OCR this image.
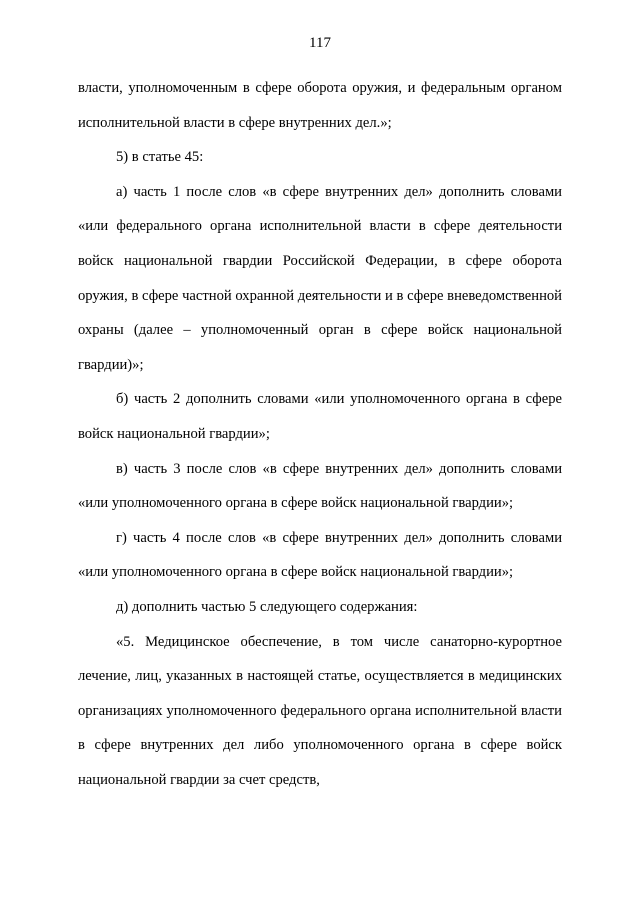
117

власти, уполномоченным в сфере оборота оружия, и федеральным органом исполнительной власти в сфере внутренних дел.»;

5) в статье 45:

а) часть 1 после слов «в сфере внутренних дел» дополнить словами «или федерального органа исполнительной власти в сфере деятельности войск национальной гвардии Российской Федерации, в сфере оборота оружия, в сфере частной охранной деятельности и в сфере вневедомственной охраны (далее – уполномоченный орган в сфере войск национальной гвардии)»;

б) часть 2 дополнить словами «или уполномоченного органа в сфере войск национальной гвардии»;

в) часть 3 после слов «в сфере внутренних дел» дополнить словами «или уполномоченного органа в сфере войск национальной гвардии»;

г) часть 4 после слов «в сфере внутренних дел» дополнить словами «или уполномоченного органа в сфере войск национальной гвардии»;

д) дополнить частью 5 следующего содержания:

«5. Медицинское обеспечение, в том числе санаторно-курортное лечение, лиц, указанных в настоящей статье, осуществляется в медицинских организациях уполномоченного федерального органа исполнительной власти в сфере внутренних дел либо уполномоченного органа в сфере войск национальной гвардии за счет средств,
